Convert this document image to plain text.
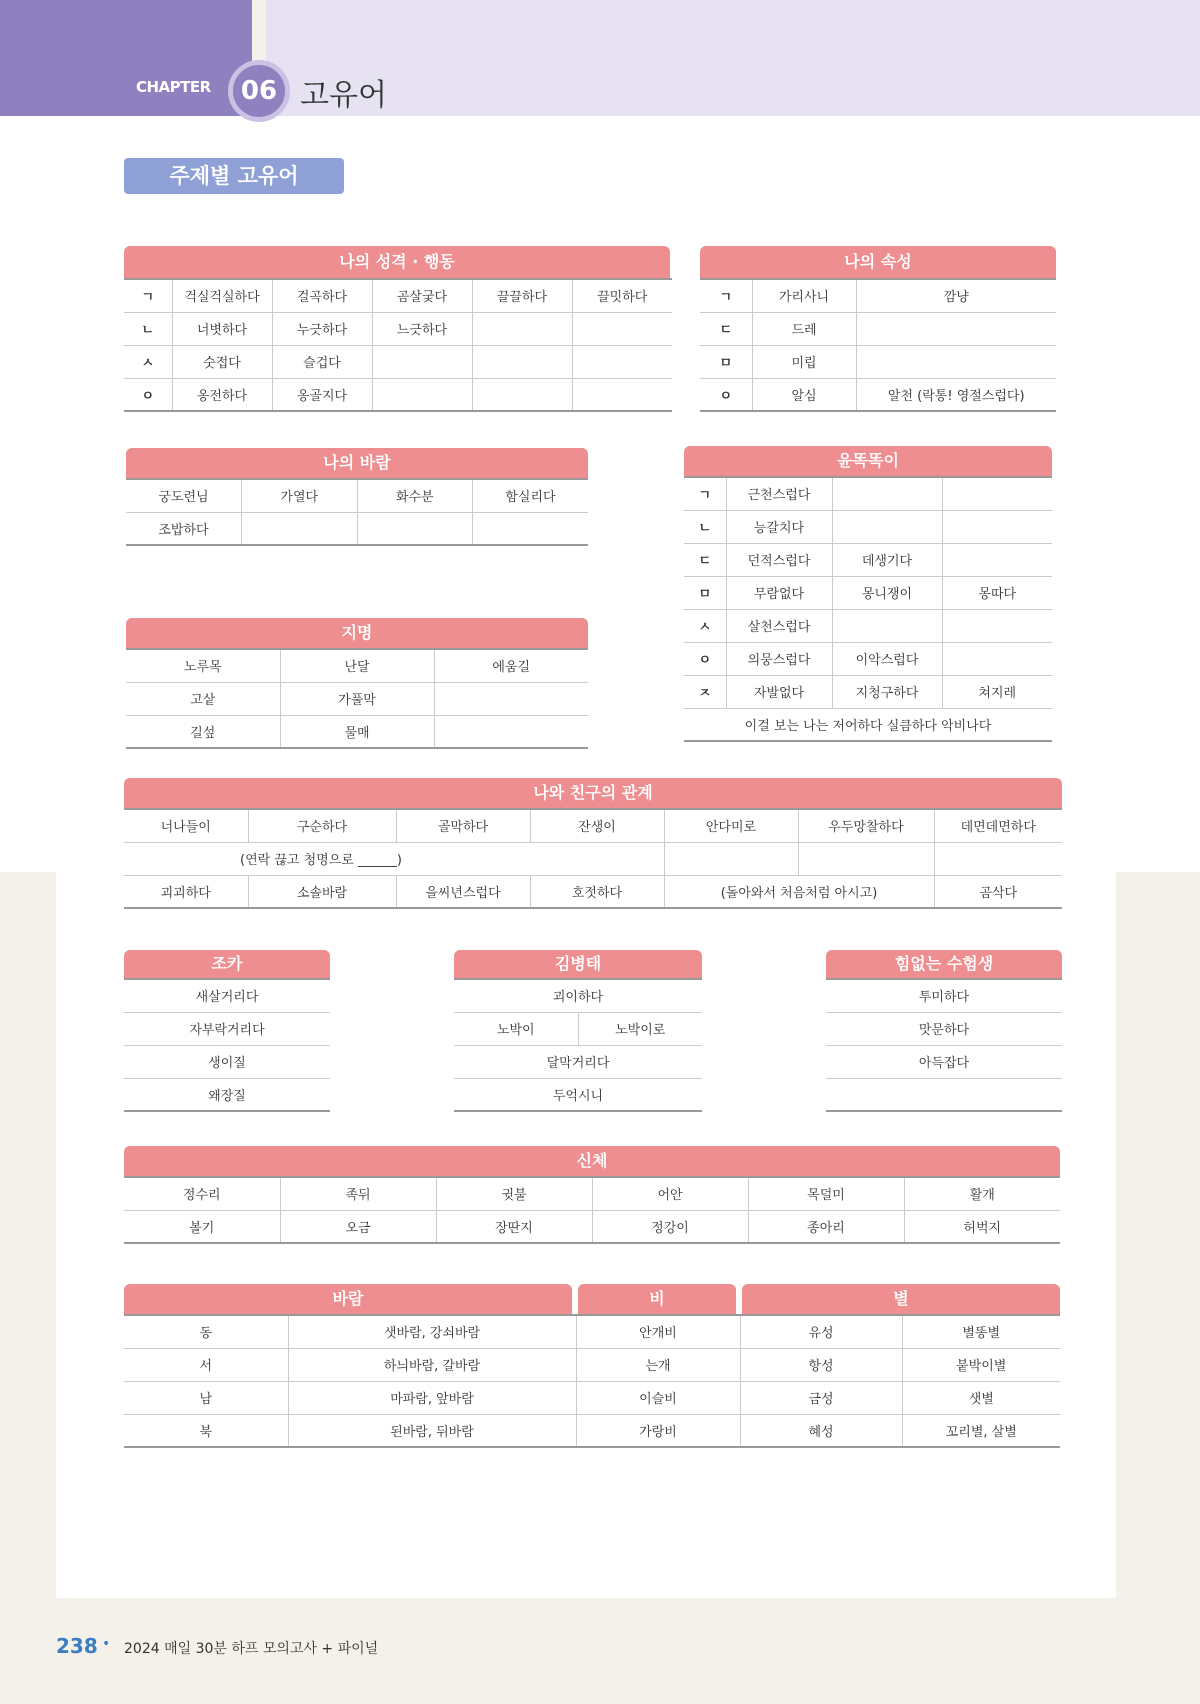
CHAPTER	06 고유어
주제별 고유어
나의 성격 · 행동
ㄱ	걱실걱실하다	걸곡하다	곰살궂다	끌끌하다	끌밋하다
ㄴ	너볏하다	누긋하다	느긋하다		
ㅅ	숫접다	슬겁다			
ㅇ	옹전하다	옹골지다			
나의 속성
ㄱ	가리사니	깜냥
ㄷ	드레	
ㅁ	미립	
ㅇ	알심	알천 (락통! 영절스럽다)
나의 바람
궁도련님	가열다	화수분	함실리다
조밥하다			
윤똑똑이
ㄱ	근천스럽다		
ㄴ	능갈치다		
ㄷ	던적스럽다	데생기다	
ㅁ	무람없다	몽니쟁이	몽따다
ㅅ	살천스럽다		
ㅇ	의뭉스럽다	이악스럽다	
ㅈ	자발없다	지청구하다	쳐지레
이걸 보는 나는 저어하다 실큼하다 악비나다			
지명
노루목	난달	에움길
고샅	가풀막	
길섶	물매	
나와 친구의 관계
너나들이	구순하다	골막하다	잔생이	안다미로	우두망찰하다	데면데면하다
(연락 끊고 청명으로 ______)						
괴괴하다	소솔바람	을씨년스럽다	호젓하다	(돌아와서 처음처럼 아시고)		곰삭다
조카
새살거리다
자부락거리다
생이질
왜장질
김병태
괴이하다
노박이	노박이로
달막거리다
두억시니
힘없는 수험생
투미하다
맛문하다
아득잡다

신체
정수리	족뒤	귓불	어안	목덜미	활개
볼기	오금	장딴지	정강이	종아리	허벅지
바람	비	별
동	샛바람, 강쇠바람	안개비	유성	별똥별
서	하늬바람, 갈바람	는개	항성	붙박이별
남	마파람, 앞바람	이슬비	금성	샛별
북	된바람, 뒤바람	가랑비	혜성	꼬리별, 살별
238 • 2024 매일 30분 하프 모의고사 + 파이널
